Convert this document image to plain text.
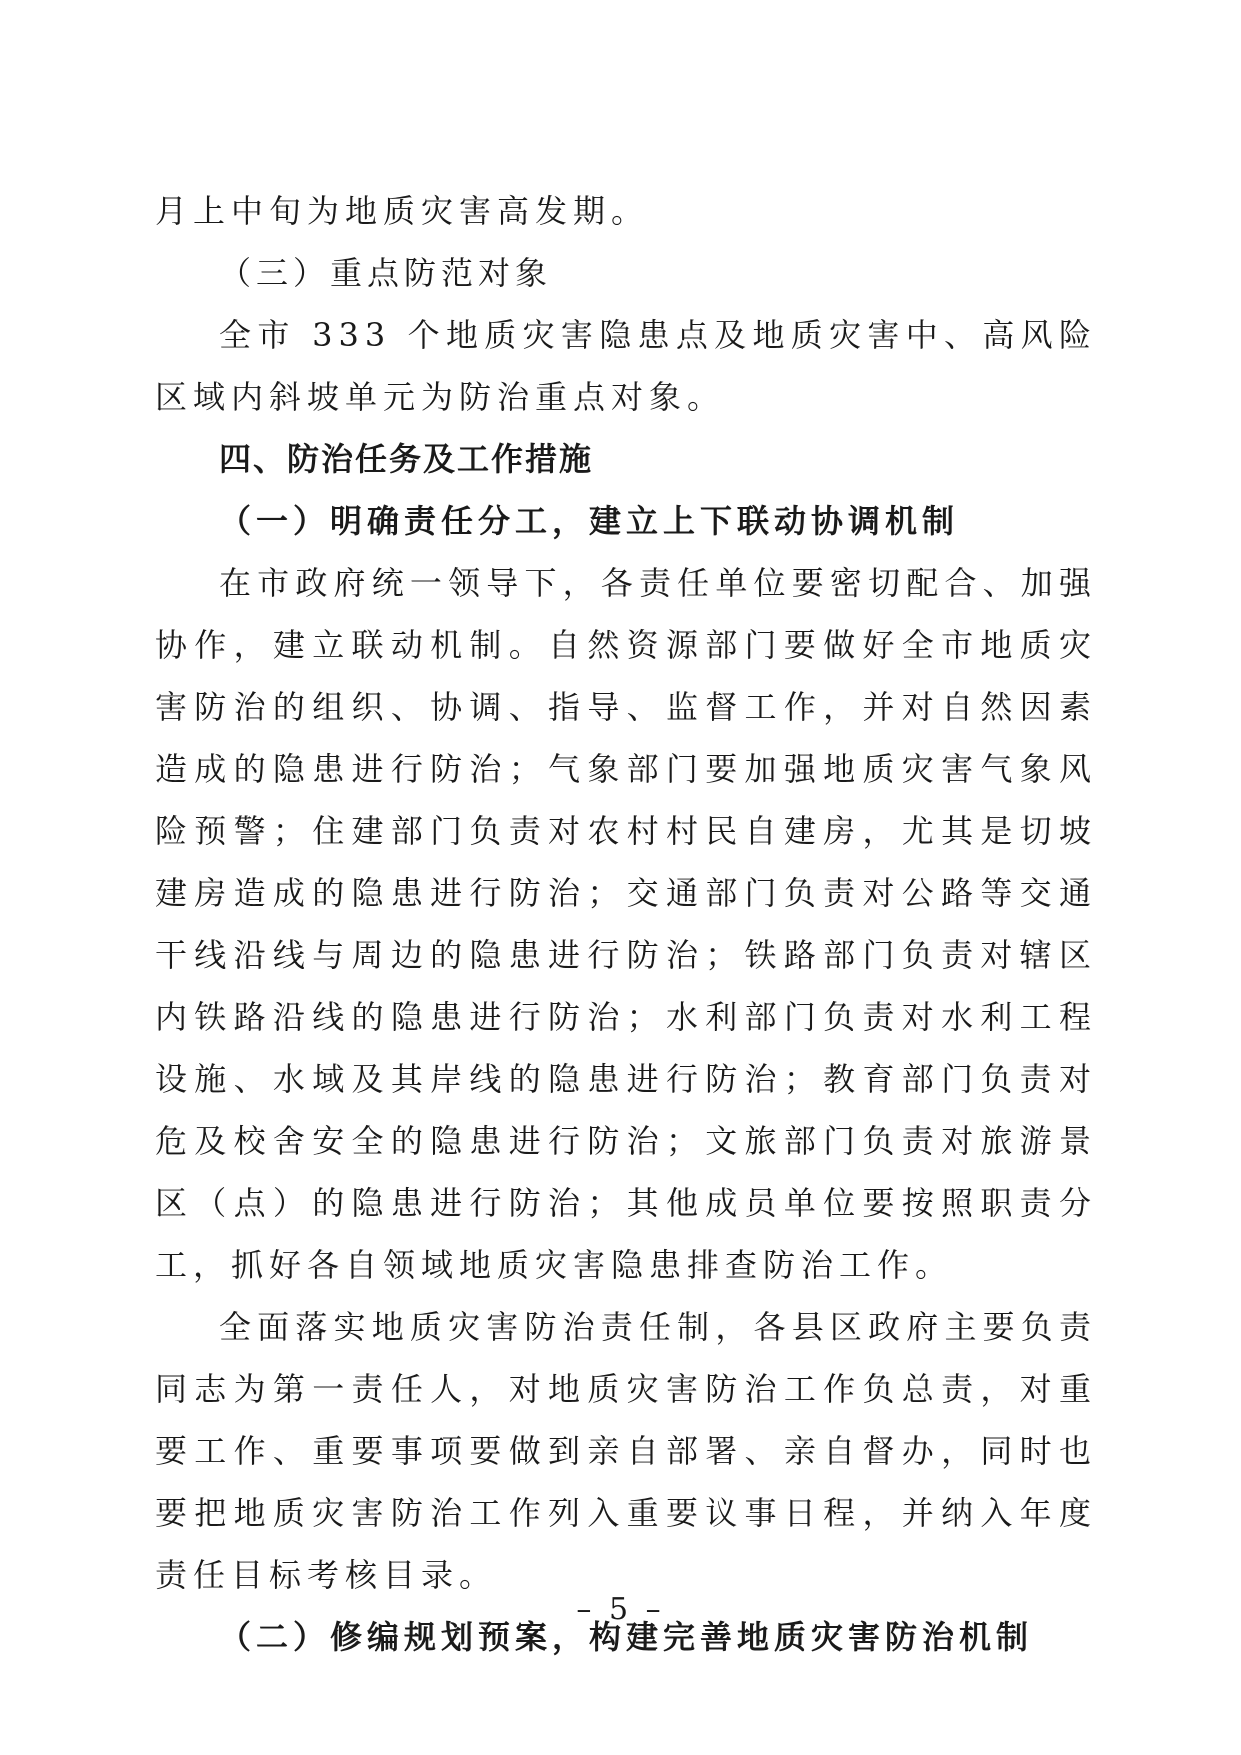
月上中旬为地质灾害高发期。

（三）重点防范对象

全市 333 个地质灾害隐患点及地质灾害中、高风险区域内斜坡单元为防治重点对象。

四、防治任务及工作措施

（一）明确责任分工，建立上下联动协调机制

在市政府统一领导下，各责任单位要密切配合、加强协作，建立联动机制。自然资源部门要做好全市地质灾害防治的组织、协调、指导、监督工作，并对自然因素造成的隐患进行防治；气象部门要加强地质灾害气象风险预警；住建部门负责对农村村民自建房，尤其是切坡建房造成的隐患进行防治；交通部门负责对公路等交通干线沿线与周边的隐患进行防治；铁路部门负责对辖区内铁路沿线的隐患进行防治；水利部门负责对水利工程设施、水域及其岸线的隐患进行防治；教育部门负责对危及校舍安全的隐患进行防治；文旅部门负责对旅游景区（点）的隐患进行防治；其他成员单位要按照职责分工，抓好各自领域地质灾害隐患排查防治工作。

全面落实地质灾害防治责任制，各县区政府主要负责同志为第一责任人，对地质灾害防治工作负总责，对重要工作、重要事项要做到亲自部署、亲自督办，同时也要把地质灾害防治工作列入重要议事日程，并纳入年度责任目标考核目录。

（二）修编规划预案，构建完善地质灾害防治机制

– 5 –
